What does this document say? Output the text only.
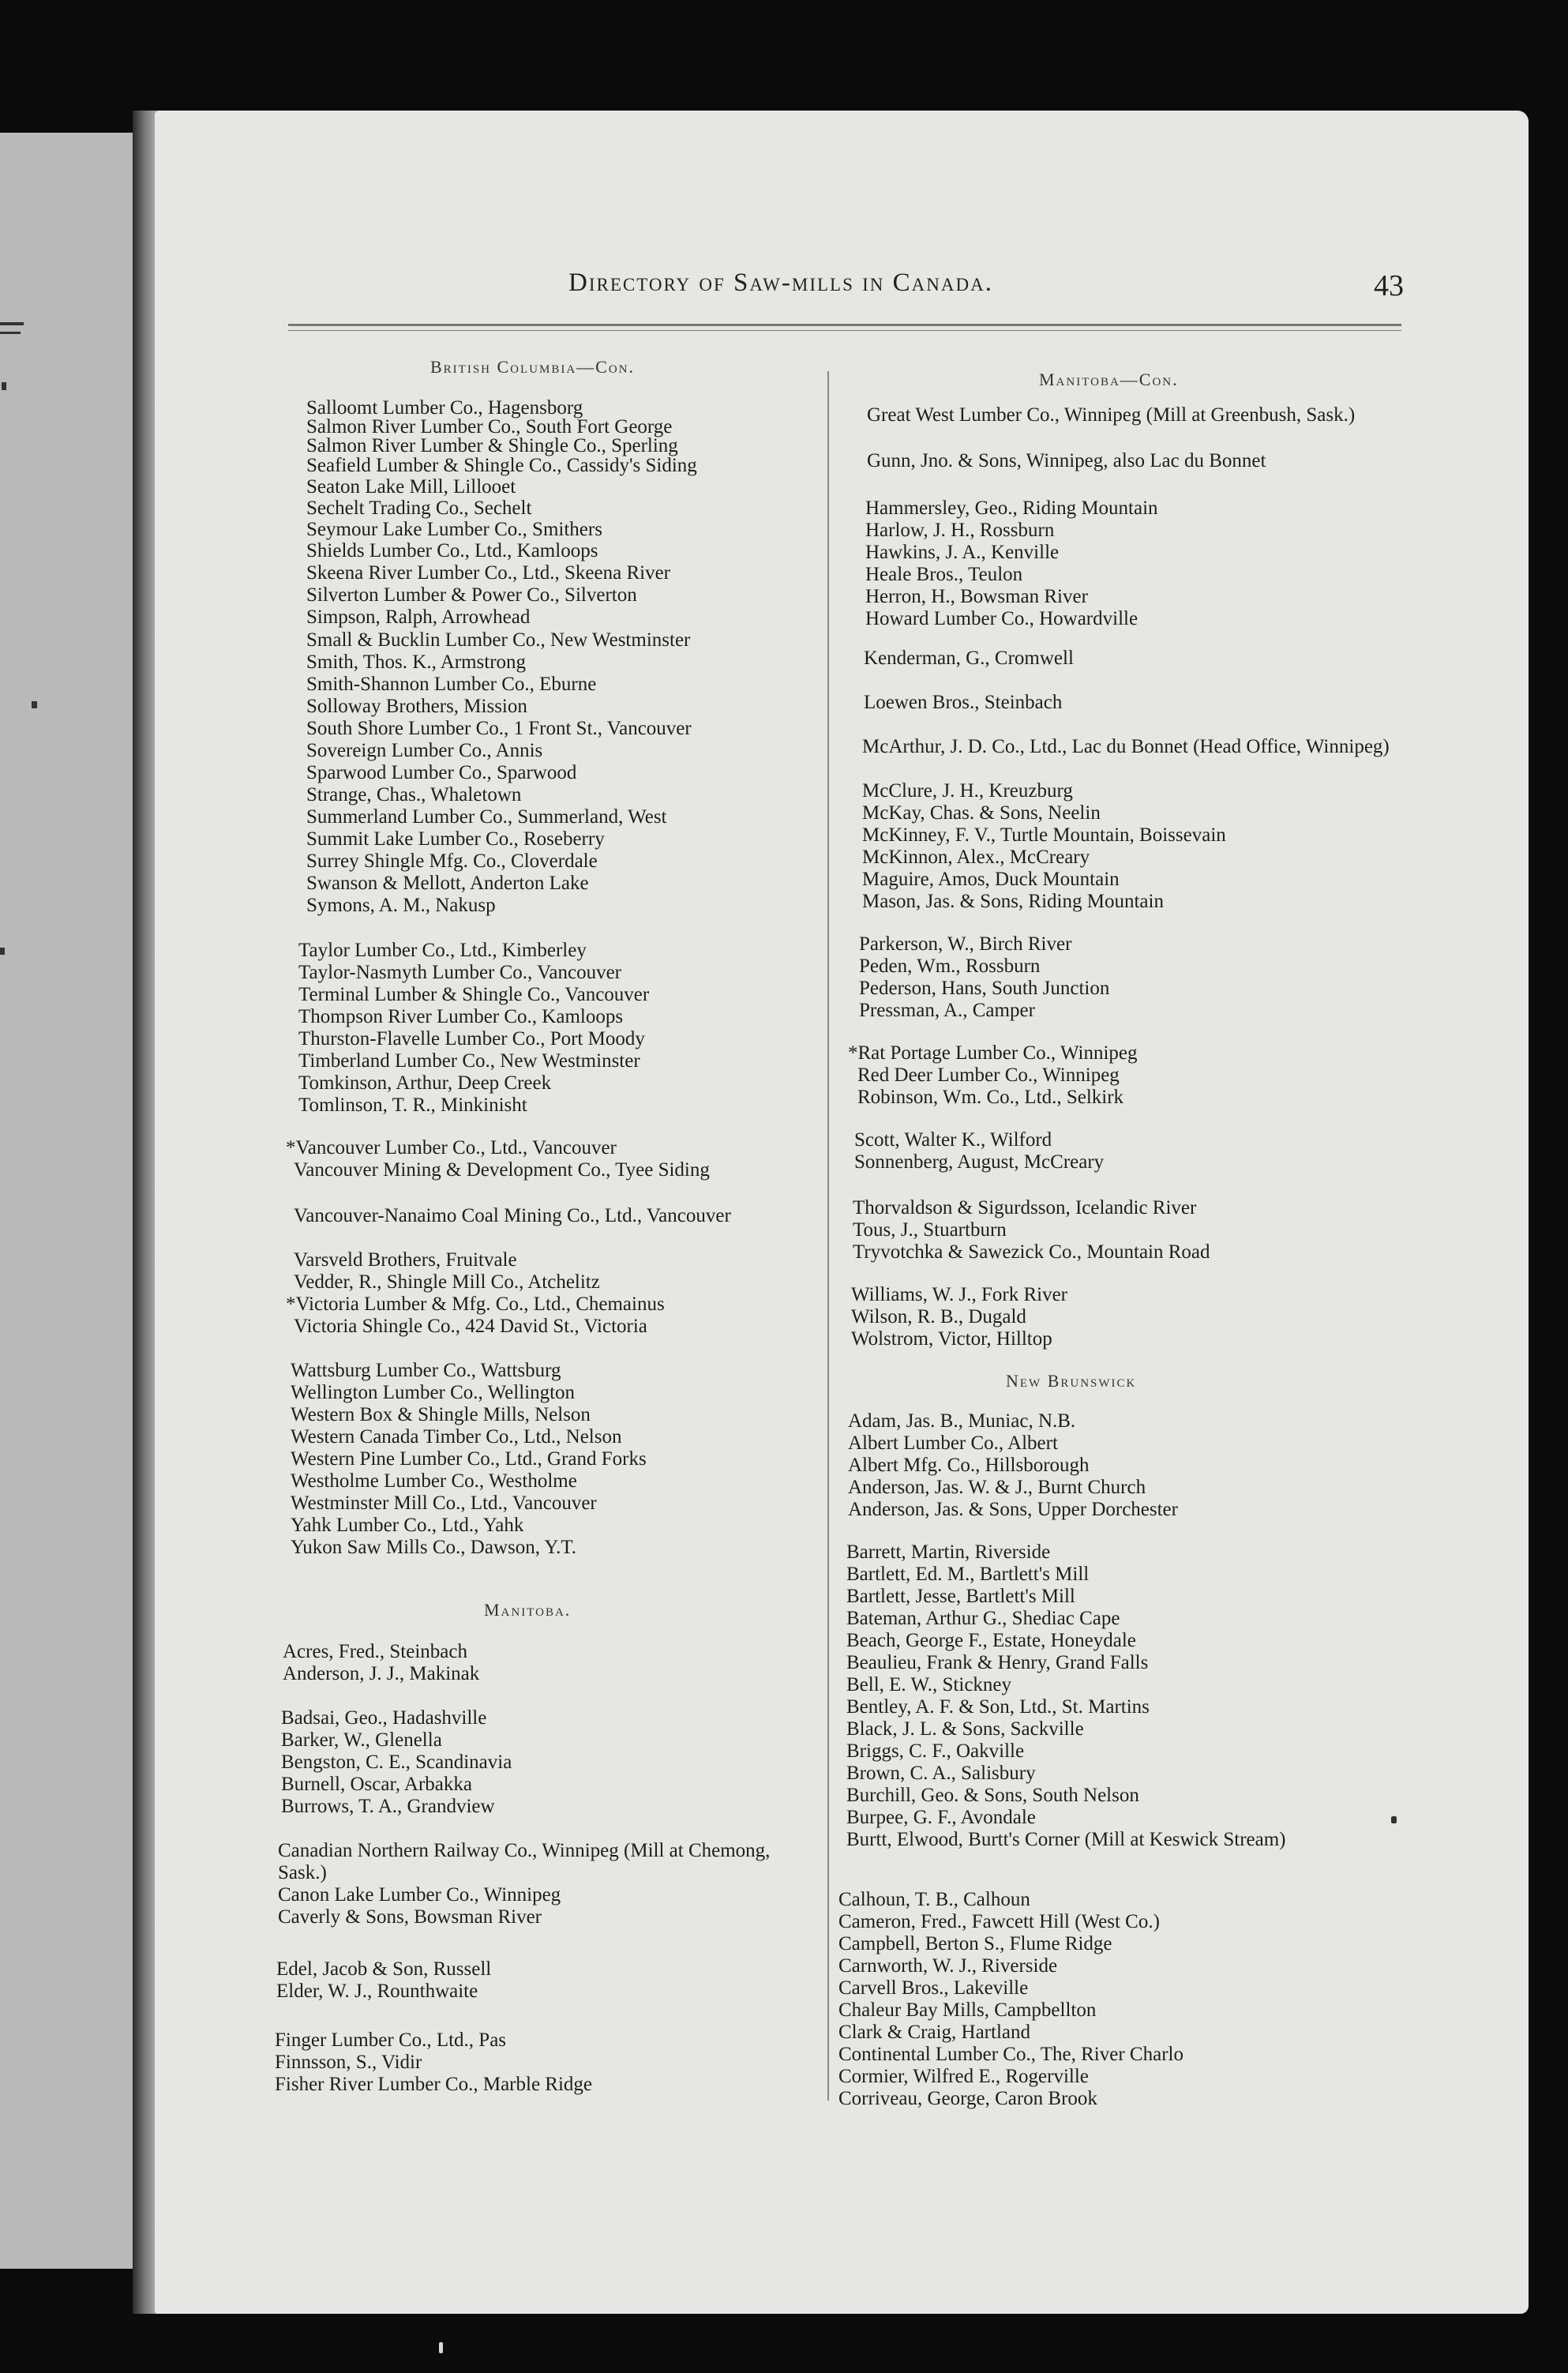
Directory of Saw-mills in Canada.	43
British Columbia—Con.
Manitoba—Con.
New Brunswick
Manitoba.
Salloomt Lumber Co., Hagensborg
Salmon River Lumber Co., South Fort George
Salmon River Lumber & Shingle Co., Sperling
Seafield Lumber & Shingle Co., Cassidy's Siding
Seaton Lake Mill, Lillooet
Sechelt Trading Co., Sechelt
Seymour Lake Lumber Co., Smithers
Shields Lumber Co., Ltd., Kamloops
Skeena River Lumber Co., Ltd., Skeena River
Silverton Lumber & Power Co., Silverton
Simpson, Ralph, Arrowhead
Small & Bucklin Lumber Co., New Westminster
Smith, Thos. K., Armstrong
Smith-Shannon Lumber Co., Eburne
Solloway Brothers, Mission
South Shore Lumber Co., 1 Front St., Vancouver
Sovereign Lumber Co., Annis
Sparwood Lumber Co., Sparwood
Strange, Chas., Whaletown
Summerland Lumber Co., Summerland, West
Summit Lake Lumber Co., Roseberry
Surrey Shingle Mfg. Co., Cloverdale
Swanson & Mellott, Anderton Lake
Symons, A. M., Nakusp
Taylor Lumber Co., Ltd., Kimberley
Taylor-Nasmyth Lumber Co., Vancouver
Terminal Lumber & Shingle Co., Vancouver
Thompson River Lumber Co., Kamloops
Thurston-Flavelle Lumber Co., Port Moody
Timberland Lumber Co., New Westminster
Tomkinson, Arthur, Deep Creek
Tomlinson, T. R., Minkinisht
*Vancouver Lumber Co., Ltd., Vancouver
Vancouver Mining & Development Co., Tyee Siding
Vancouver-Nanaimo Coal Mining Co., Ltd., Vancouver
Varsveld Brothers, Fruitvale
Vedder, R., Shingle Mill Co., Atchelitz
*Victoria Lumber & Mfg. Co., Ltd., Chemainus
Victoria Shingle Co., 424 David St., Victoria
Wattsburg Lumber Co., Wattsburg
Wellington Lumber Co., Wellington
Western Box & Shingle Mills, Nelson
Western Canada Timber Co., Ltd., Nelson
Western Pine Lumber Co., Ltd., Grand Forks
Westholme Lumber Co., Westholme
Westminster Mill Co., Ltd., Vancouver
Yahk Lumber Co., Ltd., Yahk
Yukon Saw Mills Co., Dawson, Y.T.
Acres, Fred., Steinbach
Anderson, J. J., Makinak
Badsai, Geo., Hadashville
Barker, W., Glenella
Bengston, C. E., Scandinavia
Burnell, Oscar, Arbakka
Burrows, T. A., Grandview
Canadian Northern Railway Co., Winnipeg (Mill at Chemong, Sask.)
Canon Lake Lumber Co., Winnipeg
Caverly & Sons, Bowsman River
Edel, Jacob & Son, Russell
Elder, W. J., Rounthwaite
Finger Lumber Co., Ltd., Pas
Finnsson, S., Vidir
Fisher River Lumber Co., Marble Ridge
Great West Lumber Co., Winnipeg (Mill at Greenbush, Sask.)
Gunn, Jno. & Sons, Winnipeg, also Lac du Bonnet
Hammersley, Geo., Riding Mountain
Harlow, J. H., Rossburn
Hawkins, J. A., Kenville
Heale Bros., Teulon
Herron, H., Bowsman River
Howard Lumber Co., Howardville
Kenderman, G., Cromwell
Loewen Bros., Steinbach
McArthur, J. D. Co., Ltd., Lac du Bonnet (Head Office, Winnipeg)
McClure, J. H., Kreuzburg
McKay, Chas. & Sons, Neelin
McKinney, F. V., Turtle Mountain, Boissevain
McKinnon, Alex., McCreary
Maguire, Amos, Duck Mountain
Mason, Jas. & Sons, Riding Mountain
Parkerson, W., Birch River
Peden, Wm., Rossburn
Pederson, Hans, South Junction
Pressman, A., Camper
*Rat Portage Lumber Co., Winnipeg
Red Deer Lumber Co., Winnipeg
Robinson, Wm. Co., Ltd., Selkirk
Scott, Walter K., Wilford
Sonnenberg, August, McCreary
Thorvaldson & Sigurdsson, Icelandic River
Tous, J., Stuartburn
Tryvotchka & Sawezick Co., Mountain Road
Williams, W. J., Fork River
Wilson, R. B., Dugald
Wolstrom, Victor, Hilltop
Adam, Jas. B., Muniac, N.B.
Albert Lumber Co., Albert
Albert Mfg. Co., Hillsborough
Anderson, Jas. W. & J., Burnt Church
Anderson, Jas. & Sons, Upper Dorchester
Barrett, Martin, Riverside
Bartlett, Ed. M., Bartlett's Mill
Bartlett, Jesse, Bartlett's Mill
Bateman, Arthur G., Shediac Cape
Beach, George F., Estate, Honeydale
Beaulieu, Frank & Henry, Grand Falls
Bell, E. W., Stickney
Bentley, A. F. & Son, Ltd., St. Martins
Black, J. L. & Sons, Sackville
Briggs, C. F., Oakville
Brown, C. A., Salisbury
Burchill, Geo. & Sons, South Nelson
Burpee, G. F., Avondale
Burtt, Elwood, Burtt's Corner (Mill at Keswick Stream)
Calhoun, T. B., Calhoun
Cameron, Fred., Fawcett Hill (West Co.)
Campbell, Berton S., Flume Ridge
Carnworth, W. J., Riverside
Carvell Bros., Lakeville
Chaleur Bay Mills, Campbellton
Clark & Craig, Hartland
Continental Lumber Co., The, River Charlo
Cormier, Wilfred E., Rogerville
Corriveau, George, Caron Brook
